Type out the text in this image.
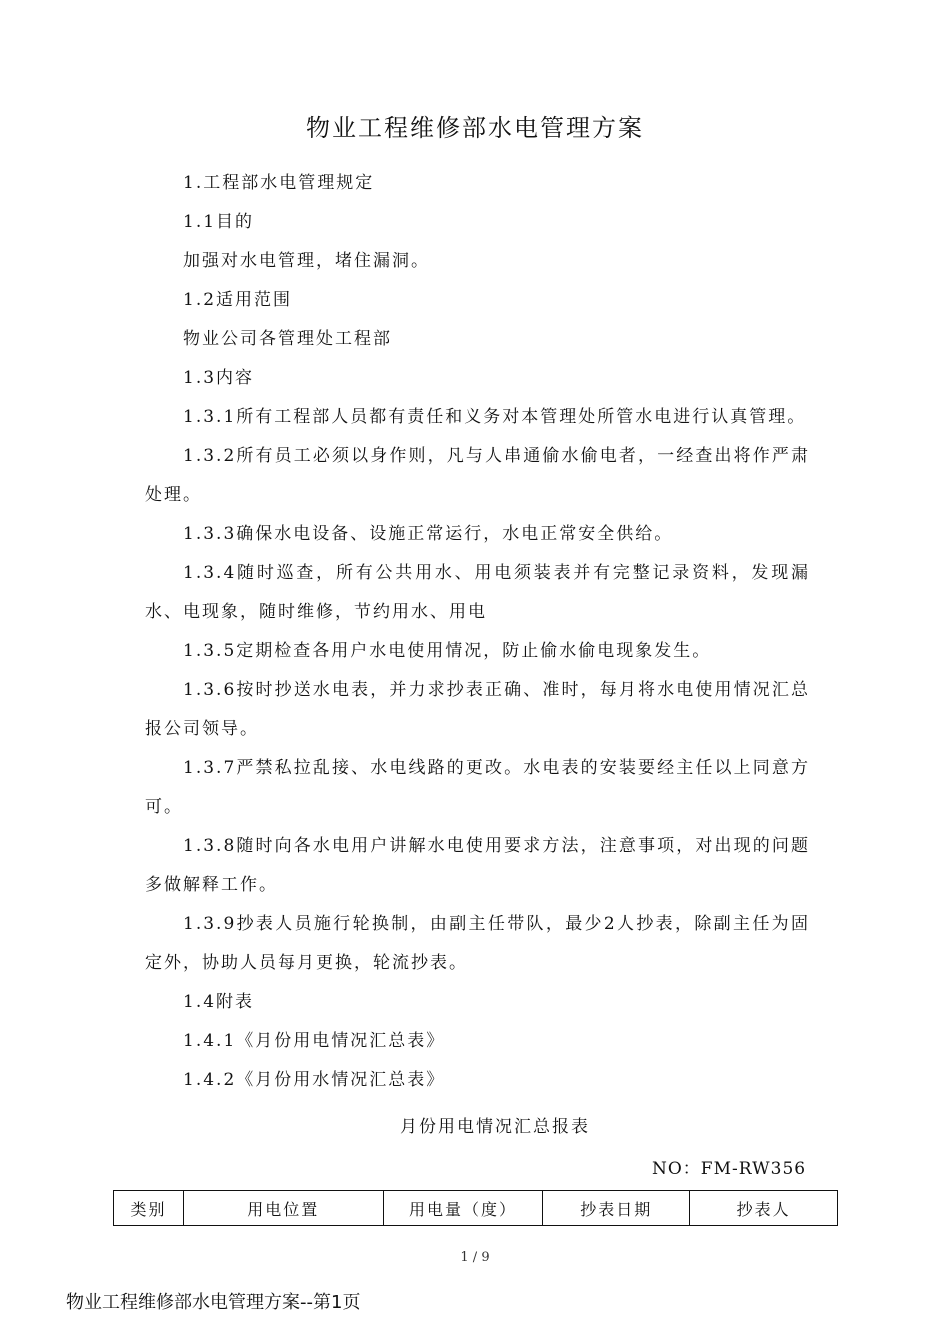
物业工程维修部水电管理方案

1.工程部水电管理规定

1.1目的

加强对水电管理，堵住漏洞。

1.2适用范围

物业公司各管理处工程部

1.3内容

1.3.1所有工程部人员都有责任和义务对本管理处所管水电进行认真管理。

1.3.2所有员工必须以身作则，凡与人串通偷水偷电者，一经查出将作严肃处理。

1.3.3确保水电设备、设施正常运行，水电正常安全供给。

1.3.4随时巡查，所有公共用水、用电须装表并有完整记录资料，发现漏水、电现象，随时维修，节约用水、用电

1.3.5定期检查各用户水电使用情况，防止偷水偷电现象发生。

1.3.6按时抄送水电表，并力求抄表正确、准时，每月将水电使用情况汇总报公司领导。

1.3.7严禁私拉乱接、水电线路的更改。水电表的安装要经主任以上同意方可。

1.3.8随时向各水电用户讲解水电使用要求方法，注意事项，对出现的问题多做解释工作。

1.3.9抄表人员施行轮换制，由副主任带队，最少2人抄表，除副主任为固定外，协助人员每月更换，轮流抄表。

1.4附表

1.4.1《月份用电情况汇总表》

1.4.2《月份用水情况汇总表》

月份用电情况汇总报表
NO：FM-RW356
类别	用电位置	用电量（度）	抄表日期	抄表人
1 / 9
物业工程维修部水电管理方案--第1页
